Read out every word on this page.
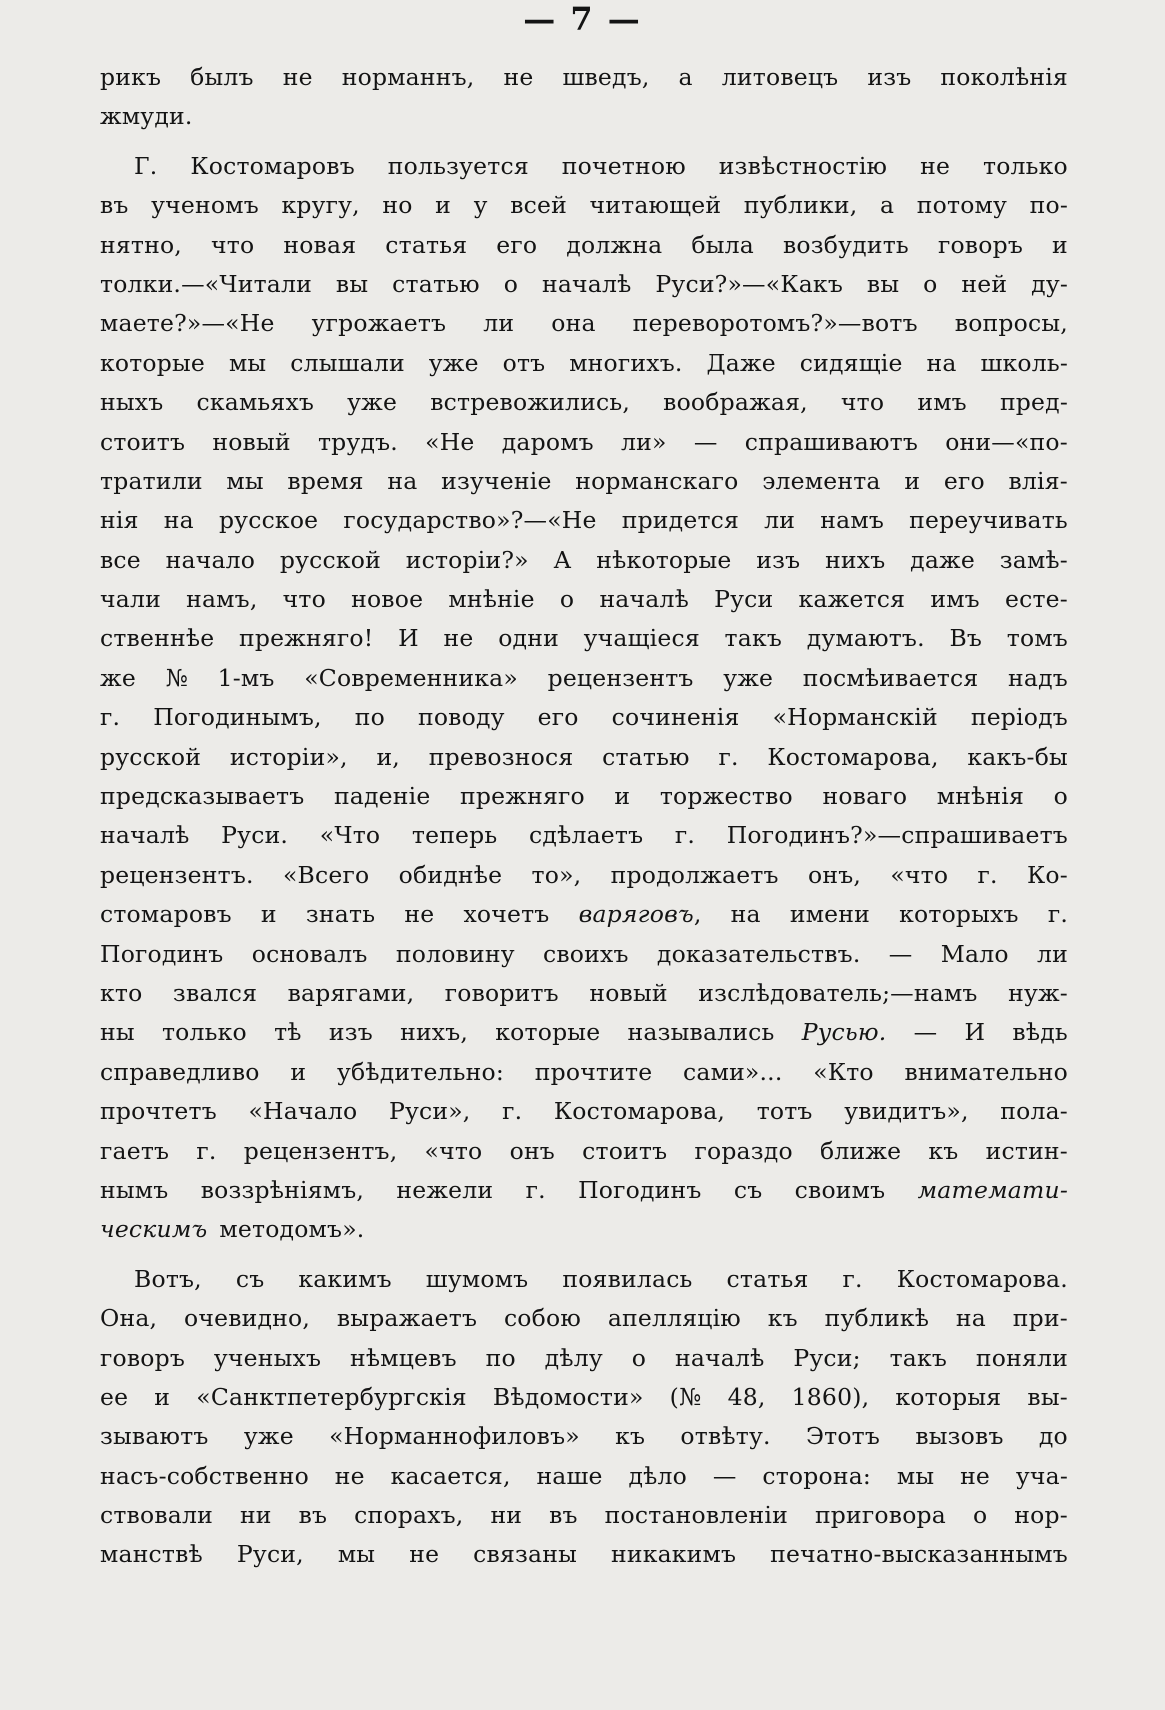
— 7 —
рикъ былъ не норманнъ, не шведъ, а литовецъ изъ поколѣнія
жмуди.
Г. Костомаровъ пользуется почетною извѣстностію не только
въ ученомъ кругу, но и у всей читающей публики, а потому по-
нятно, что новая статья его должна была возбудить говоръ и
толки.—«Читали вы статью о началѣ Руси?»—«Какъ вы о ней ду-
маете?»—«Не угрожаетъ ли она переворотомъ?»—вотъ вопросы,
которые мы слышали уже отъ многихъ. Даже сидящіе на школь-
ныхъ скамьяхъ уже встревожились, воображая, что имъ пред-
стоитъ новый трудъ. «Не даромъ ли» — спрашиваютъ они—«по-
тратили мы время на изученіе норманскаго элемента и его влія-
нія на русское государство»?—«Не придется ли намъ переучивать
все начало русской исторіи?» А нѣкоторые изъ нихъ даже замѣ-
чали намъ, что новое мнѣніе о началѣ Руси кажется имъ есте-
ственнѣе прежняго! И не одни учащіеся такъ думаютъ. Въ томъ
же № 1-мъ «Современника» рецензентъ уже посмѣивается надъ
г. Погодинымъ, по поводу его сочиненія «Норманскій періодъ
русской исторіи», и, превознося статью г. Костомарова, какъ-бы
предсказываетъ паденіе прежняго и торжество новаго мнѣнія о
началѣ Руси. «Что теперь сдѣлаетъ г. Погодинъ?»—спрашиваетъ
рецензентъ. «Всего обиднѣе то», продолжаетъ онъ, «что г. Ко-
стомаровъ и знать не хочетъ варяговъ, на имени которыхъ г.
Погодинъ основалъ половину своихъ доказательствъ. — Мало ли
кто звался варягами, говоритъ новый изслѣдователь;—намъ нуж-
ны только тѣ изъ нихъ, которые назывались Русью. — И вѣдь
справедливо и убѣдительно: прочтите сами»... «Кто внимательно
прочтетъ «Начало Руси», г. Костомарова, тотъ увидитъ», пола-
гаетъ г. рецензентъ, «что онъ стоитъ гораздо ближе къ истин-
нымъ воззрѣніямъ, нежели г. Погодинъ съ своимъ математи-
ческимъ методомъ».
Вотъ, съ какимъ шумомъ появилась статья г. Костомарова.
Она, очевидно, выражаетъ собою апелляцію къ публикѣ на при-
говоръ ученыхъ нѣмцевъ по дѣлу о началѣ Руси; такъ поняли
ее и «Санктпетербургскія Вѣдомости» (№ 48, 1860), которыя вы-
зываютъ уже «Норманнофиловъ» къ отвѣту. Этотъ вызовъ до
насъ-собственно не касается, наше дѣло — сторона: мы не уча-
ствовали ни въ спорахъ, ни въ постановленіи приговора о нор-
манствѣ Руси, мы не связаны никакимъ печатно-высказаннымъ
